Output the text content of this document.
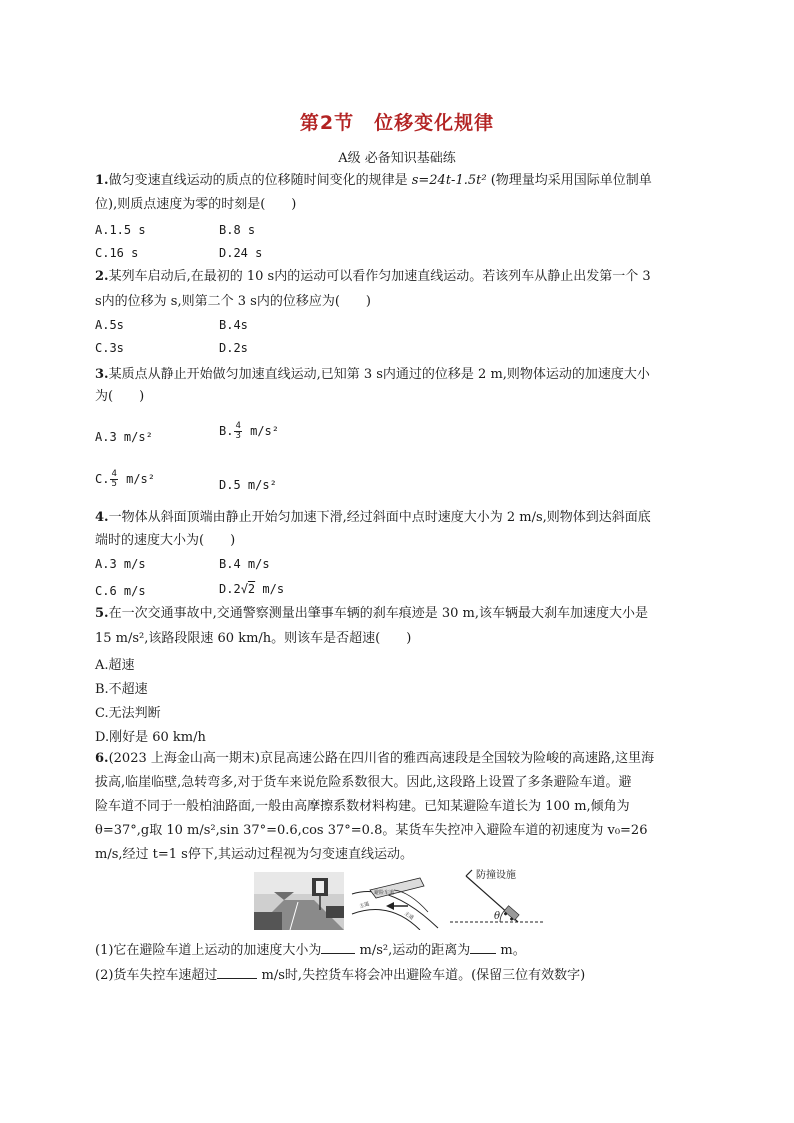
第2节　位移变化规律
A级 必备知识基础练
1.做匀变速直线运动的质点的位移随时间变化的规律是 s=24t-1.5t² (物理量均采用国际单位制单
位),则质点速度为零的时刻是(　　)
A.1.5 s	B.8 s
C.16 s	D.24 s
2.某列车启动后,在最初的 10 s内的运动可以看作匀加速直线运动。若该列车从静止出发第一个 3
s内的位移为 s,则第二个 3 s内的位移应为(　　)
A.5s	B.4s
C.3s	D.2s
3.某质点从静止开始做匀加速直线运动,已知第 3 s内通过的位移是 2 m,则物体运动的加速度大小
为(　　)
A.3 m/s²	B. $\frac{4}{3} m/s^2$
C. $\frac{4}{5} m/s^2$	D.5 m/s²
4.一物体从斜面顶端由静止开始匀加速下滑,经过斜面中点时速度大小为 2 m/s,则物体到达斜面底
端时的速度大小为(　　)
A.3 m/s	B.4 m/s
C.6 m/s	D.2√2 m/s
5.在一次交通事故中,交通警察测量出肇事车辆的刹车痕迹是 30 m,该车辆最大刹车加速度大小是
15 m/s²,该路段限速 60 km/h。则该车是否超速(　　)
A.超速
B.不超速
C.无法判断
D.刚好是 60 km/h
6.(2023 上海金山高一期末)京昆高速公路在四川省的雅西高速段是全国较为险峻的高速路,这里海
拔高,临崖临壁,急转弯多,对于货车来说危险系数很大。因此,这段路上设置了多条避险车道。避
险车道不同于一般柏油路面,一般由高摩擦系数材料构建。已知某避险车道长为 100 m,倾角为
θ=37°,g取 10 m/s²,sin 37°=0.6,cos 37°=0.8。某货车失控冲入避险车道的初速度为 v₀=26
m/s,经过 t=1 s停下,其运动过程视为匀变速直线运动。
避险车道
主道
主道	θ
防撞设施
(1)它在避险车道上运动的加速度大小为	m/s²,运动的距离为 m。
(2)货车失控车速超过	m/s时,失控货车将会冲出避险车道。(保留三位有效数字)
